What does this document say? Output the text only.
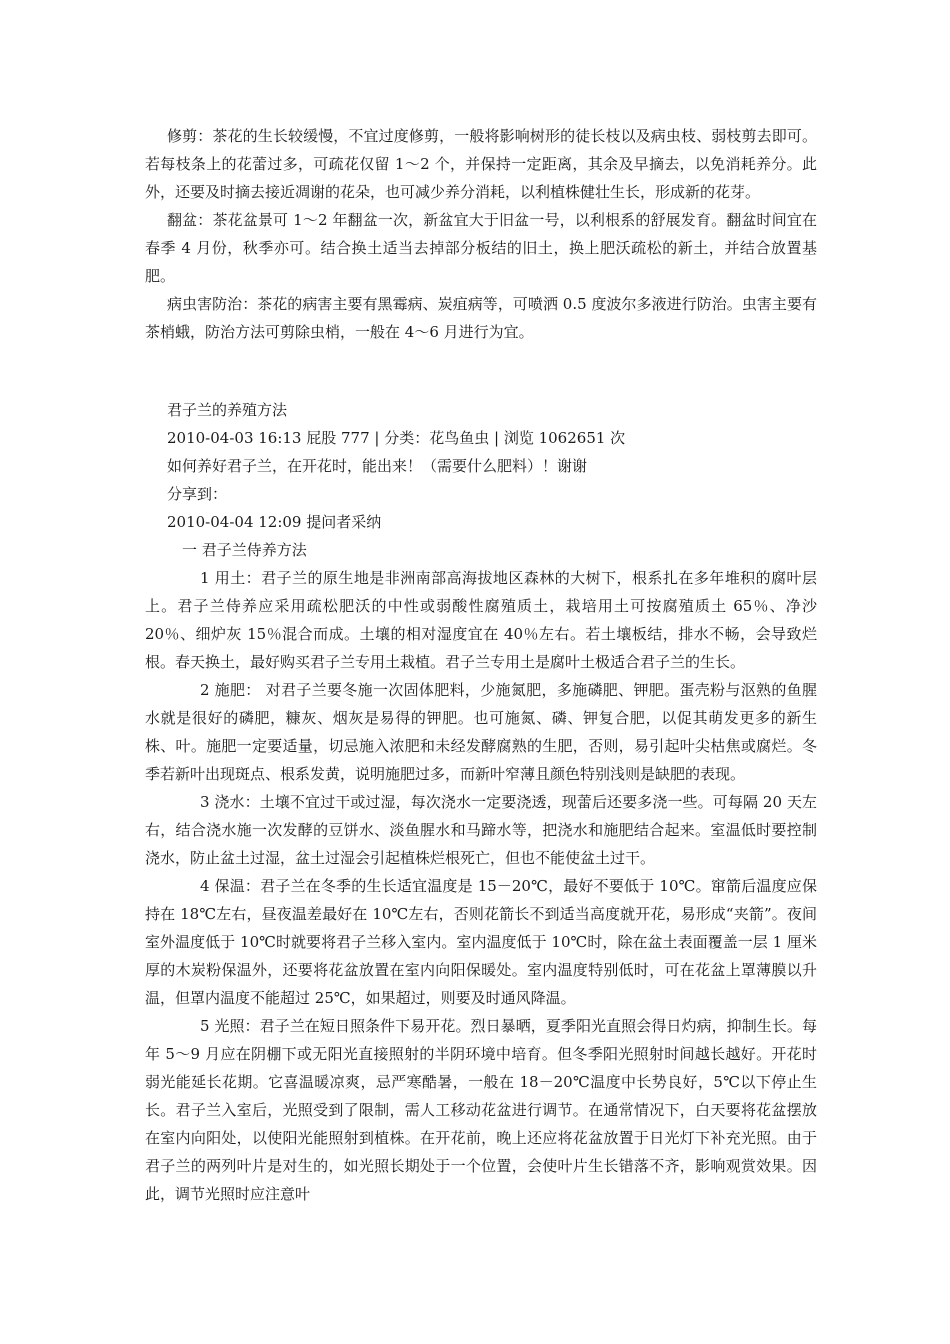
修剪：茶花的生长较缓慢，不宜过度修剪，一般将影响树形的徒长枝以及病虫枝、弱枝剪去即可。若每枝条上的花蕾过多，可疏花仅留 1～2 个，并保持一定距离，其余及早摘去，以免消耗养分。此外，还要及时摘去接近凋谢的花朵，也可减少养分消耗，以利植株健壮生长，形成新的花芽。

翻盆：茶花盆景可 1～2 年翻盆一次，新盆宜大于旧盆一号，以利根系的舒展发育。翻盆时间宜在春季 4 月份，秋季亦可。结合换土适当去掉部分板结的旧土，换上肥沃疏松的新土，并结合放置基肥。

病虫害防治：茶花的病害主要有黑霉病、炭疽病等，可喷洒 0.5 度波尔多液进行防治。虫害主要有茶梢蛾，防治方法可剪除虫梢，一般在 4～6 月进行为宜。

君子兰的养殖方法

2010-04-03 16:13 屁股 777 | 分类：花鸟鱼虫 | 浏览 1062651 次

如何养好君子兰，在开花时，能出来！（需要什么肥料）！谢谢

分享到：

2010-04-04 12:09 提问者采纳

一 君子兰侍养方法

1 用土：君子兰的原生地是非洲南部高海拔地区森林的大树下，根系扎在多年堆积的腐叶层上。君子兰侍养应采用疏松肥沃的中性或弱酸性腐殖质土，栽培用土可按腐殖质土 65％、净沙 20％、细炉灰 15％混合而成。土壤的相对湿度宜在 40％左右。若土壤板结，排水不畅，会导致烂根。春天换土，最好购买君子兰专用土栽植。君子兰专用土是腐叶土极适合君子兰的生长。

2 施肥： 对君子兰要冬施一次固体肥料，少施氮肥，多施磷肥、钾肥。蛋壳粉与沤熟的鱼腥水就是很好的磷肥，糠灰、烟灰是易得的钾肥。也可施氮、磷、钾复合肥，以促其萌发更多的新生株、叶。施肥一定要适量，切忌施入浓肥和未经发酵腐熟的生肥，否则，易引起叶尖枯焦或腐烂。冬季若新叶出现斑点、根系发黄，说明施肥过多，而新叶窄薄且颜色特别浅则是缺肥的表现。

3 浇水：土壤不宜过干或过湿，每次浇水一定要浇透，现蕾后还要多浇一些。可每隔 20 天左右，结合浇水施一次发酵的豆饼水、淡鱼腥水和马蹄水等，把浇水和施肥结合起来。室温低时要控制浇水，防止盆土过湿，盆土过湿会引起植株烂根死亡，但也不能使盆土过干。

4 保温：君子兰在冬季的生长适宜温度是 15－20℃，最好不要低于 10℃。窜箭后温度应保持在 18℃左右，昼夜温差最好在 10℃左右，否则花箭长不到适当高度就开花，易形成“夹箭”。夜间室外温度低于 10℃时就要将君子兰移入室内。室内温度低于 10℃时，除在盆土表面覆盖一层 1 厘米厚的木炭粉保温外，还要将花盆放置在室内向阳保暖处。室内温度特别低时，可在花盆上罩薄膜以升温，但罩内温度不能超过 25℃，如果超过，则要及时通风降温。

5 光照：君子兰在短日照条件下易开花。烈日暴晒，夏季阳光直照会得日灼病，抑制生长。每年 5～9 月应在阴棚下或无阳光直接照射的半阴环境中培育。但冬季阳光照射时间越长越好。开花时弱光能延长花期。它喜温暖凉爽，忌严寒酷暑，一般在 18－20℃温度中长势良好，5℃以下停止生长。君子兰入室后，光照受到了限制，需人工移动花盆进行调节。在通常情况下，白天要将花盆摆放在室内向阳处，以使阳光能照射到植株。在开花前，晚上还应将花盆放置于日光灯下补充光照。由于君子兰的两列叶片是对生的，如光照长期处于一个位置，会使叶片生长错落不齐，影响观赏效果。因此，调节光照时应注意叶
